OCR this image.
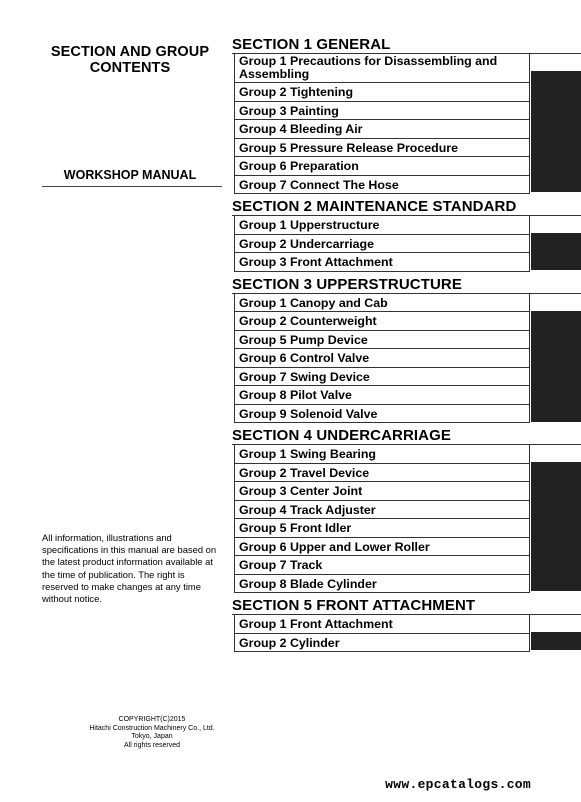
SECTION AND GROUP
CONTENTS
WORKSHOP MANUAL
All information, illustrations and specifications in this manual are based on the latest product information available at the time of publication. The right is reserved to make changes at any time without notice.
COPYRIGHT(C)2015
Hitachi Construction Machinery Co., Ltd.
Tokyo, Japan
All rights reserved
www.epcatalogs.com
SECTION 1 GENERAL
Group 1 Precautions for Disassembling and Assembling
Group 2 Tightening
Group 3 Painting
Group 4 Bleeding Air
Group 5 Pressure Release Procedure
Group 6 Preparation
Group 7 Connect The Hose
SECTION 2 MAINTENANCE STANDARD
Group 1 Upperstructure
Group 2 Undercarriage
Group 3 Front Attachment
SECTION 3 UPPERSTRUCTURE
Group 1 Canopy and Cab
Group 2 Counterweight
Group 5 Pump Device
Group 6 Control Valve
Group 7 Swing Device
Group 8 Pilot Valve
Group 9 Solenoid Valve
SECTION 4 UNDERCARRIAGE
Group 1 Swing Bearing
Group 2 Travel Device
Group 3 Center Joint
Group 4 Track Adjuster
Group 5 Front Idler
Group 6 Upper and Lower Roller
Group 7 Track
Group 8 Blade Cylinder
SECTION 5 FRONT ATTACHMENT
Group 1 Front Attachment
Group 2 Cylinder
